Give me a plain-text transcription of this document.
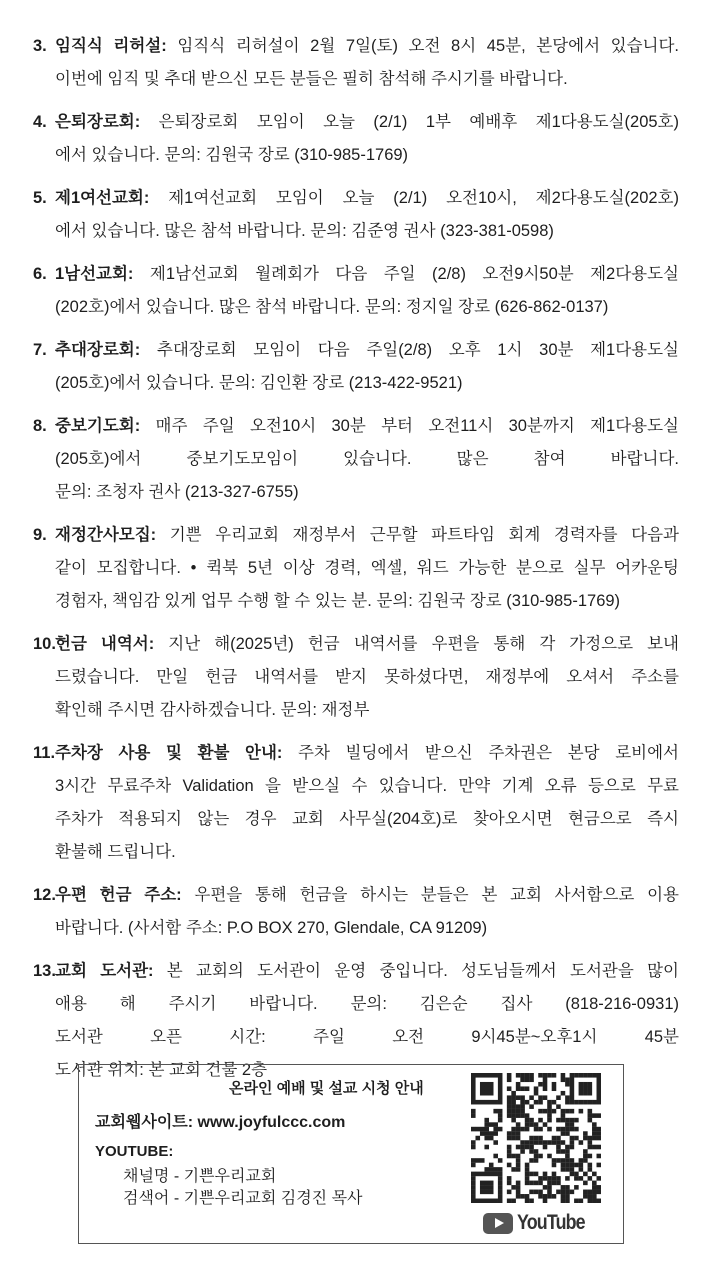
3. 임직식 리허설: 임직식 리허설이 2월 7일(토) 오전 8시 45분, 본당에서 있습니다.
이번에 임직 및 추대 받으신 모든 분들은 필히 참석해 주시기를 바랍니다.
4. 은퇴장로회: 은퇴장로회 모임이 오늘 (2/1) 1부 예배후 제1다용도실(205호)
에서 있습니다. 문의: 김원국 장로 (310-985-1769)
5. 제1여선교회: 제1여선교회 모임이 오늘 (2/1) 오전10시, 제2다용도실(202호)
에서 있습니다. 많은 참석 바랍니다. 문의: 김준영 권사 (323-381-0598)
6. 1남선교회: 제1남선교회 월례회가 다음 주일 (2/8) 오전9시50분 제2다용도실
(202호)에서 있습니다. 많은 참석 바랍니다. 문의: 정지일 장로 (626-862-0137)
7. 추대장로회: 추대장로회 모임이 다음 주일(2/8) 오후 1시 30분 제1다용도실
(205호)에서 있습니다. 문의: 김인환 장로 (213-422-9521)
8. 중보기도회: 매주 주일 오전10시 30분 부터 오전11시 30분까지 제1다용도실
(205호)에서 중보기도모임이 있습니다. 많은 참여 바랍니다.
문의: 조청자 권사 (213-327-6755)
9. 재정간사모집: 기쁜 우리교회 재정부서 근무할 파트타임 회계 경력자를 다음과
같이 모집합니다. • 퀵북 5년 이상 경력, 엑셀, 워드 가능한 분으로 실무 어카운팅
경험자, 책임감 있게 업무 수행 할 수 있는 분. 문의: 김원국 장로 (310-985-1769)
10.헌금 내역서: 지난 해(2025년) 헌금 내역서를 우편을 통해 각 가정으로 보내
드렸습니다. 만일 헌금 내역서를 받지 못하셨다면, 재정부에 오셔서 주소를
확인해 주시면 감사하겠습니다. 문의: 재정부
11.주차장 사용 및 환불 안내: 주차 빌딩에서 받으신 주차권은 본당 로비에서
3시간 무료주차 Validation 을 받으실 수 있습니다. 만약 기계 오류 등으로 무료
주차가 적용되지 않는 경우 교회 사무실(204호)로 찾아오시면 현금으로 즉시
환불해 드립니다.
12.우편 헌금 주소: 우편을 통해 헌금을 하시는 분들은 본 교회 사서함으로 이용
바랍니다. (사서함 주소: P.O BOX 270, Glendale, CA 91209)
13.교회 도서관: 본 교회의 도서관이 운영 중입니다. 성도님들께서 도서관을 많이
애용 해 주시기 바랍니다. 문의: 김은순 집사 (818-216-0931)
도서관 오픈 시간: 주일 오전 9시45분~오후1시 45분
도서관 위치: 본 교회 건물 2층
온라인 예배 및 설교 시청 안내
교회웹사이트: www.joyfulccc.com
YOUTUBE:
채널명 - 기쁜우리교회
검색어 - 기쁜우리교회 김경진 목사
YouTube
